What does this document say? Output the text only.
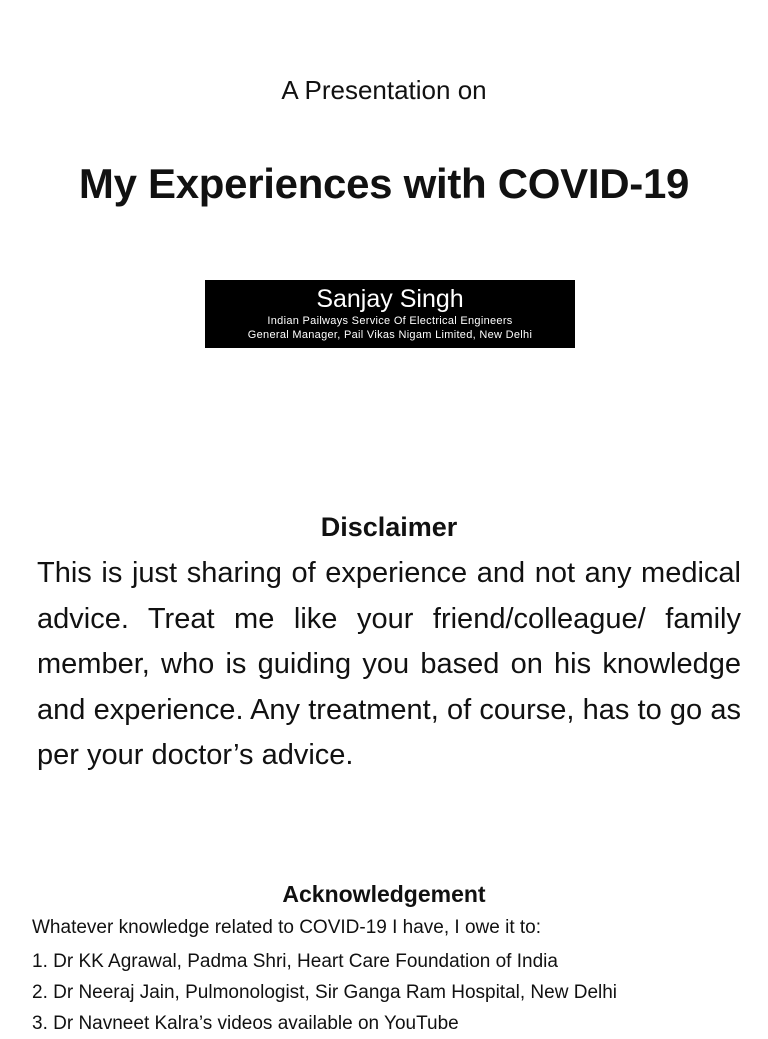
A Presentation on
My Experiences with COVID-19
Sanjay Singh
Indian Pailways Service Of Electrical Engineers
General Manager, Pail Vikas Nigam Limited, New Delhi
Disclaimer

This is just sharing of experience and not any medical advice. Treat me like your friend/colleague/ family member, who is guiding you based on his knowledge and experience. Any treatment, of course, has to go as per your doctor’s advice.

Acknowledgement
Whatever knowledge related to COVID-19 I have, I owe it to:
1. Dr KK Agrawal, Padma Shri, Heart Care Foundation of India
2. Dr Neeraj Jain, Pulmonologist, Sir Ganga Ram Hospital, New Delhi
3. Dr Navneet Kalra’s videos available on YouTube
